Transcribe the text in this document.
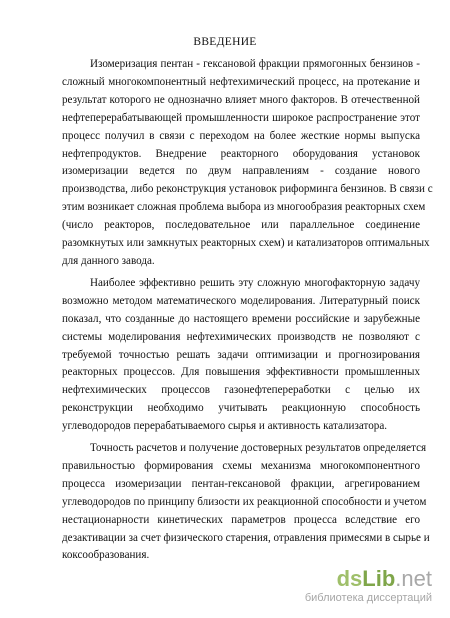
ВВЕДЕНИЕ
Изомеризация пентан - гексановой фракции прямогонных бензинов -
сложный многокомпонентный нефтехимический процесс, на протекание и
результат которого не однозначно влияет много факторов. В отечественной
нефтеперерабатывающей промышленности широкое распространение этот
процесс получил в связи с переходом на более жесткие нормы выпуска
нефтепродуктов. Внедрение реакторного оборудования установок
изомеризации ведется по двум направлениям - создание нового
производства, либо реконструкция установок риформинга бензинов. В связи с
этим возникает сложная проблема выбора из многообразия реакторных схем
(число реакторов, последовательное или параллельное соединение
разомкнутых или замкнутых реакторных схем) и катализаторов оптимальных
для данного завода.
Наиболее эффективно решить эту сложную многофакторную задачу
возможно методом математического моделирования. Литературный поиск
показал, что созданные до настоящего времени российские и зарубежные
системы моделирования нефтехимических производств не позволяют с
требуемой точностью решать задачи оптимизации и прогнозирования
реакторных процессов. Для повышения эффективности промышленных
нефтехимических процессов газонефтепереработки с целью их
реконструкции необходимо учитывать реакционную способность
углеводородов перерабатываемого сырья и активность катализатора.
Точность расчетов и получение достоверных результатов определяется
правильностью формирования схемы механизма многокомпонентного
процесса изомеризации пентан-гексановой фракции, агрегированием
углеводородов по принципу близости их реакционной способности и учетом
нестационарности кинетических параметров процесса вследствие его
дезактивации за счет физического старения, отравления примесями в сырье и
коксообразования.
dsLib.net
библиотека диссертаций
